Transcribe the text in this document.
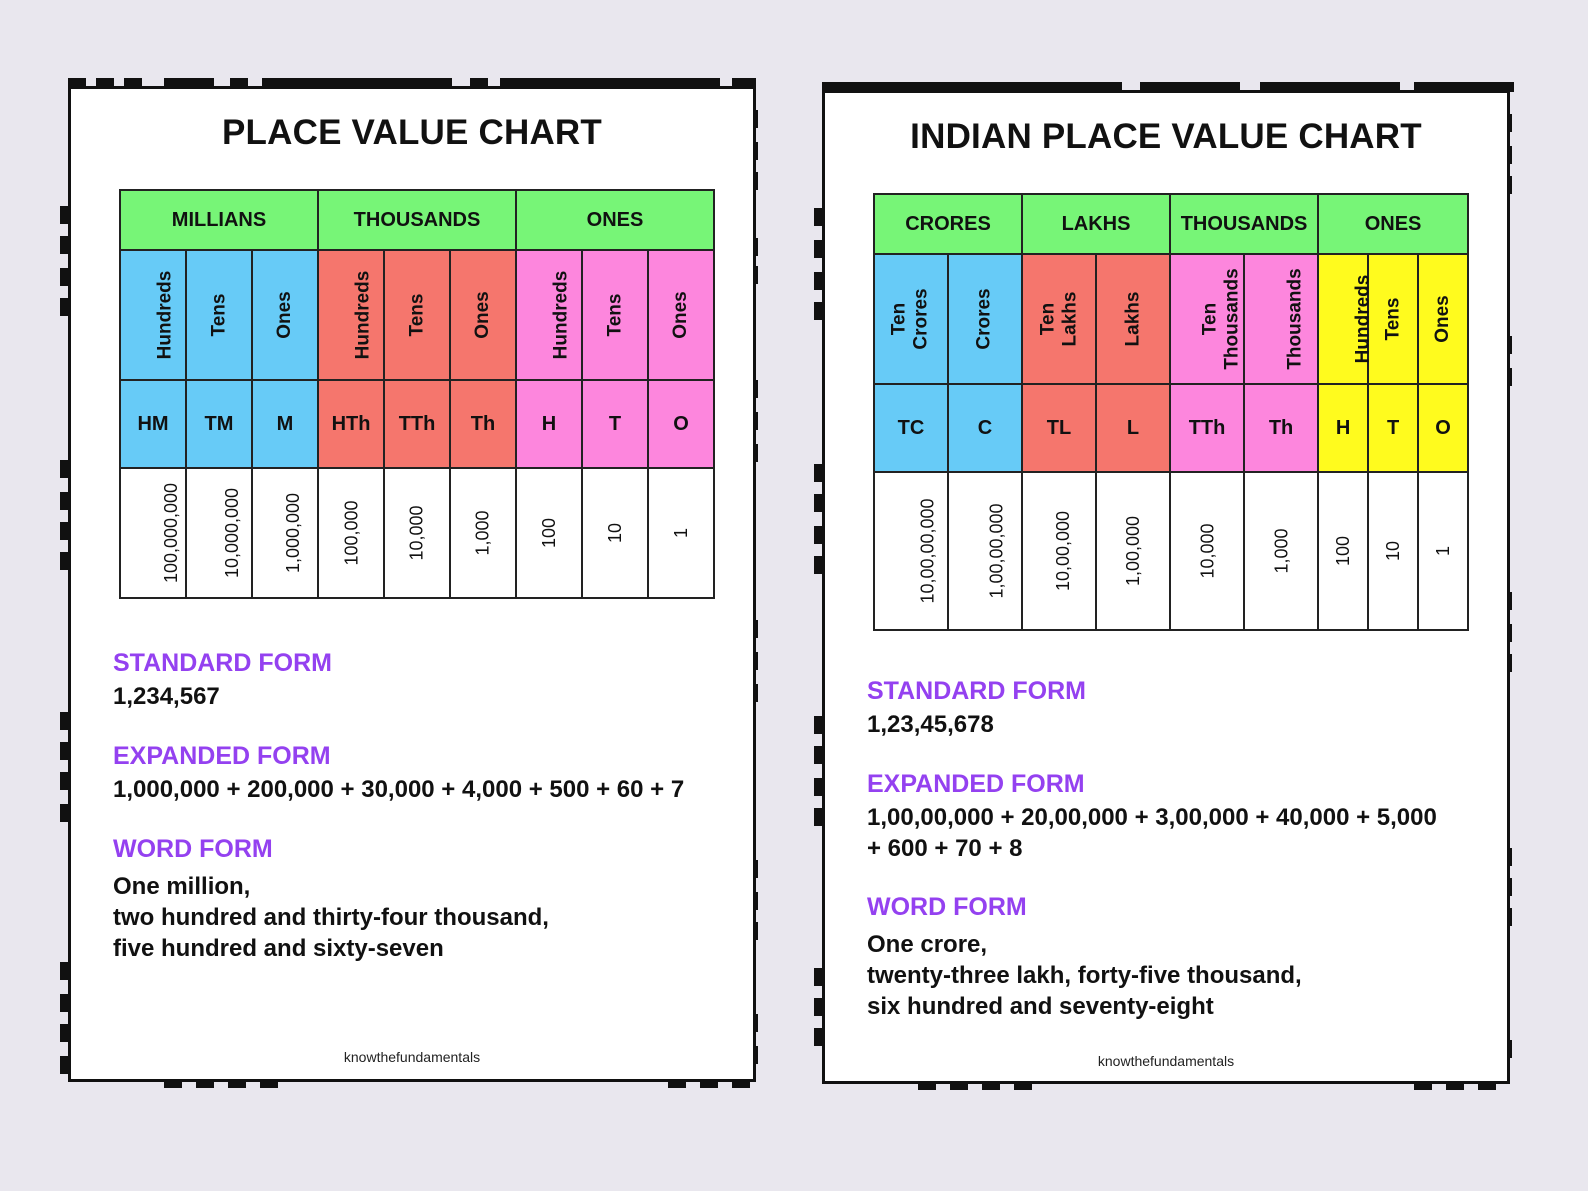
PLACE VALUE CHART
MILLIANS			THOUSANDS			ONES		
Hundreds	Tens	Ones	Hundreds	Tens	Ones	Hundreds	Tens	Ones
HM	TM	M	HTh	TTh	Th	H	T	O
100,000,000	10,000,000	1,000,000	100,000	10,000	1,000	100	10	1
STANDARD FORM
1,234,567
EXPANDED FORM
1,000,000 + 200,000 + 30,000 + 4,000 + 500 + 60 + 7
WORD FORM
One million,
two hundred and thirty-four thousand,
five hundred and sixty-seven
knowthefundamentals
INDIAN PLACE VALUE CHART
CRORES		LAKHS		THOUSANDS		ONES		

Ten Crores	Crores	Ten Lakhs	Lakhs	Ten Thousands	Thousands	Hundreds	Tens	Ones
TC	C	TL	L	TTh	Th	H	T	O
10,00,00,000	1,00,00,000	10,00,000	1,00,000	10,000	1,000	100	10	1
STANDARD FORM
1,23,45,678
EXPANDED FORM
1,00,00,000 + 20,00,000 + 3,00,000 + 40,000 + 5,000
+ 600 + 70 + 8
WORD FORM
One crore,
twenty-three lakh, forty-five thousand,
six hundred and seventy-eight
knowthefundamentals
